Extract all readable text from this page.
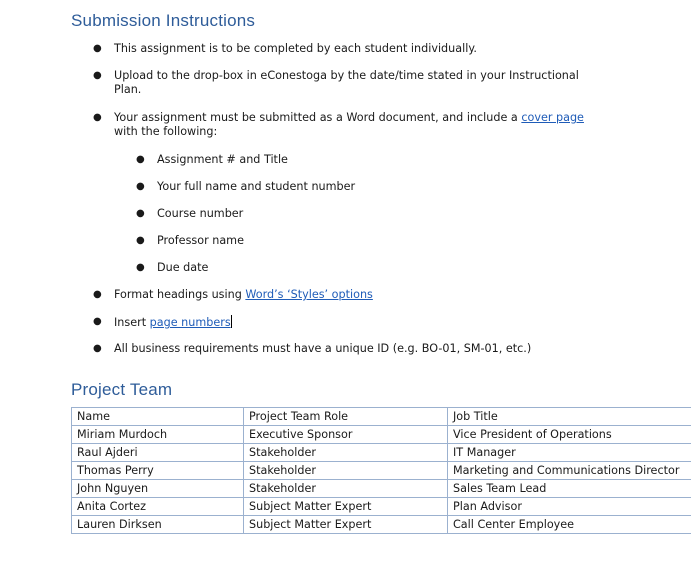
Submission Instructions
● This assignment is to be completed by each student individually.
● Upload to the drop-box in eConestoga by the date/time stated in your Instructional
Plan.
● Your assignment must be submitted as a Word document, and include a cover page
with the following:
● Assignment # and Title
● Your full name and student number
● Course number
● Professor name
● Due date
● Format headings using Word’s ‘Styles’ options
● Insert page numbers
● All business requirements must have a unique ID (e.g. BO-01, SM-01, etc.)
Project Team
Name	Project Team Role	Job Title
Miriam Murdoch	Executive Sponsor	Vice President of Operations
Raul Ajderi	Stakeholder	IT Manager
Thomas Perry	Stakeholder	Marketing and Communications Director
John Nguyen	Stakeholder	Sales Team Lead
Anita Cortez	Subject Matter Expert	Plan Advisor
Lauren Dirksen	Subject Matter Expert	Call Center Employee
